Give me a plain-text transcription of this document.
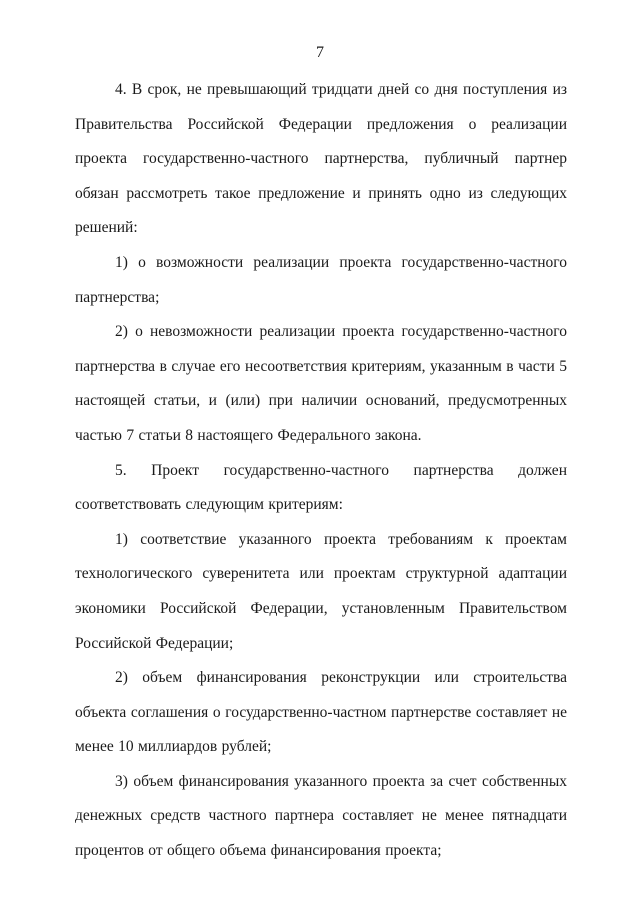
7

4. В срок, не превышающий тридцати дней со дня поступления из Правительства Российской Федерации предложения о реализации проекта государственно-частного партнерства, публичный партнер обязан рассмотреть такое предложение и принять одно из следующих решений:

1) о возможности реализации проекта государственно-частного партнерства;

2) о невозможности реализации проекта государственно-частного партнерства в случае его несоответствия критериям, указанным в части 5 настоящей статьи, и (или) при наличии оснований, предусмотренных частью 7 статьи 8 настоящего Федерального закона.

5. Проект государственно-частного партнерства должен соответствовать следующим критериям:

1) соответствие указанного проекта требованиям к проектам технологического суверенитета или проектам структурной адаптации экономики Российской Федерации, установленным Правительством Российской Федерации;

2) объем финансирования реконструкции или строительства объекта соглашения о государственно-частном партнерстве составляет не менее 10 миллиардов рублей;

3) объем финансирования указанного проекта за счет собственных денежных средств частного партнера составляет не менее пятнадцати процентов от общего объема финансирования проекта;
